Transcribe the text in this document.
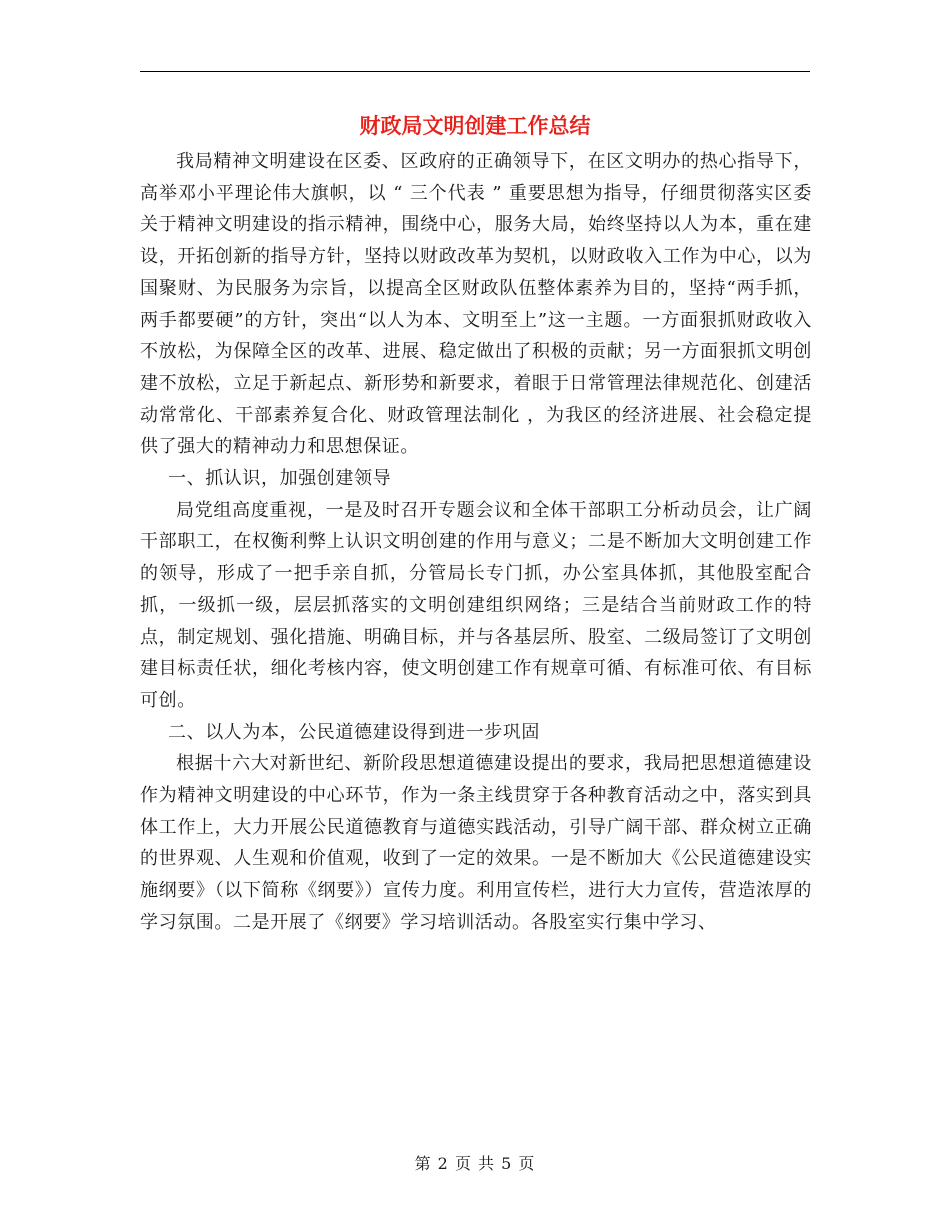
财政局文明创建工作总结

我局精神文明建设在区委、区政府的正确领导下，在区文明办的热心指导下，高举邓小平理论伟大旗帜，以 “ 三个代表 ” 重要思想为指导，仔细贯彻落实区委关于精神文明建设的指示精神，围绕中心，服务大局，始终坚持以人为本，重在建设，开拓创新的指导方针，坚持以财政改革为契机，以财政收入工作为中心，以为国聚财、为民服务为宗旨，以提高全区财政队伍整体素养为目的，坚持“两手抓，两手都要硬”的方针，突出“以人为本、文明至上”这一主题。一方面狠抓财政收入不放松，为保障全区的改革、进展、稳定做出了积极的贡献；另一方面狠抓文明创建不放松，立足于新起点、新形势和新要求，着眼于日常管理法律规范化、创建活动常常化、干部素养复合化、财政管理法制化 ，为我区的经济进展、社会稳定提供了强大的精神动力和思想保证。

一、抓认识，加强创建领导

局党组高度重视，一是及时召开专题会议和全体干部职工分析动员会，让广阔干部职工，在权衡利弊上认识文明创建的作用与意义；二是不断加大文明创建工作的领导，形成了一把手亲自抓，分管局长专门抓，办公室具体抓，其他股室配合抓，一级抓一级，层层抓落实的文明创建组织网络；三是结合当前财政工作的特点，制定规划、强化措施、明确目标，并与各基层所、股室、二级局签订了文明创建目标责任状，细化考核内容，使文明创建工作有规章可循、有标准可依、有目标可创。

二、以人为本，公民道德建设得到进一步巩固

根据十六大对新世纪、新阶段思想道德建设提出的要求，我局把思想道德建设作为精神文明建设的中心环节，作为一条主线贯穿于各种教育活动之中，落实到具体工作上，大力开展公民道德教育与道德实践活动，引导广阔干部、群众树立正确的世界观、人生观和价值观，收到了一定的效果。一是不断加大《公民道德建设实施纲要》（以下简称《纲要》）宣传力度。利用宣传栏，进行大力宣传，营造浓厚的学习氛围。二是开展了《纲要》学习培训活动。各股室实行集中学习、

第 2 页 共 5 页
